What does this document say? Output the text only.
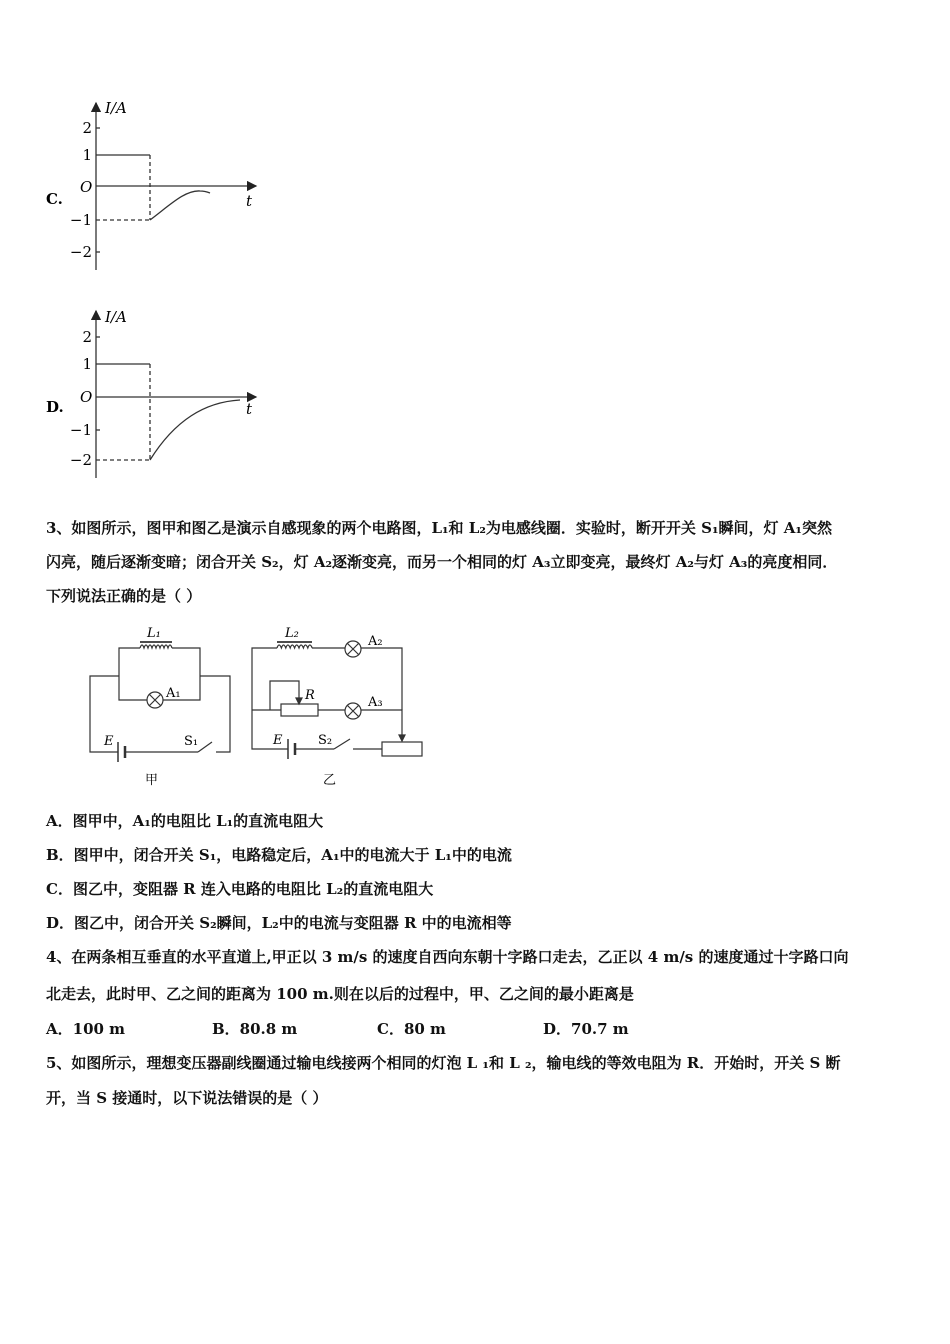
C.
I/A
t
O
2
1
−1
−2
D.
I/A
t
O
2
1
−1
−2
L₁
A₁
E	S₁
甲
L₂
A₂
R	A₃
E	S₂
乙
3、如图所示，图甲和图乙是演示自感现象的两个电路图，L₁和 L₂为电感线圈．实验时，断开开关 S₁瞬间，灯 A₁突然
闪亮，随后逐渐变暗；闭合开关 S₂，灯 A₂逐渐变亮，而另一个相同的灯 A₃立即变亮，最终灯 A₂与灯 A₃的亮度相同．
下列说法正确的是（ ）
A．图甲中，A₁的电阻比 L₁的直流电阻大
B．图甲中，闭合开关 S₁，电路稳定后，A₁中的电流大于 L₁中的电流
C．图乙中，变阻器 R 连入电路的电阻比 L₂的直流电阻大
D．图乙中，闭合开关 S₂瞬间，L₂中的电流与变阻器 R 中的电流相等
4、在两条相互垂直的水平直道上,甲正以 3 m/s 的速度自西向东朝十字路口走去，乙正以 4 m/s 的速度通过十字路口向
北走去，此时甲、乙之间的距离为 100 m.则在以后的过程中，甲、乙之间的最小距离是
A．100 m	B．80.8 m	C．80 m	D．70.7 m
5、如图所示，理想变压器副线圈通过输电线接两个相同的灯泡 L ₁和 L ₂，输电线的等效电阻为 R．开始时，开关 S 断
开，当 S 接通时，以下说法错误的是（ ）
